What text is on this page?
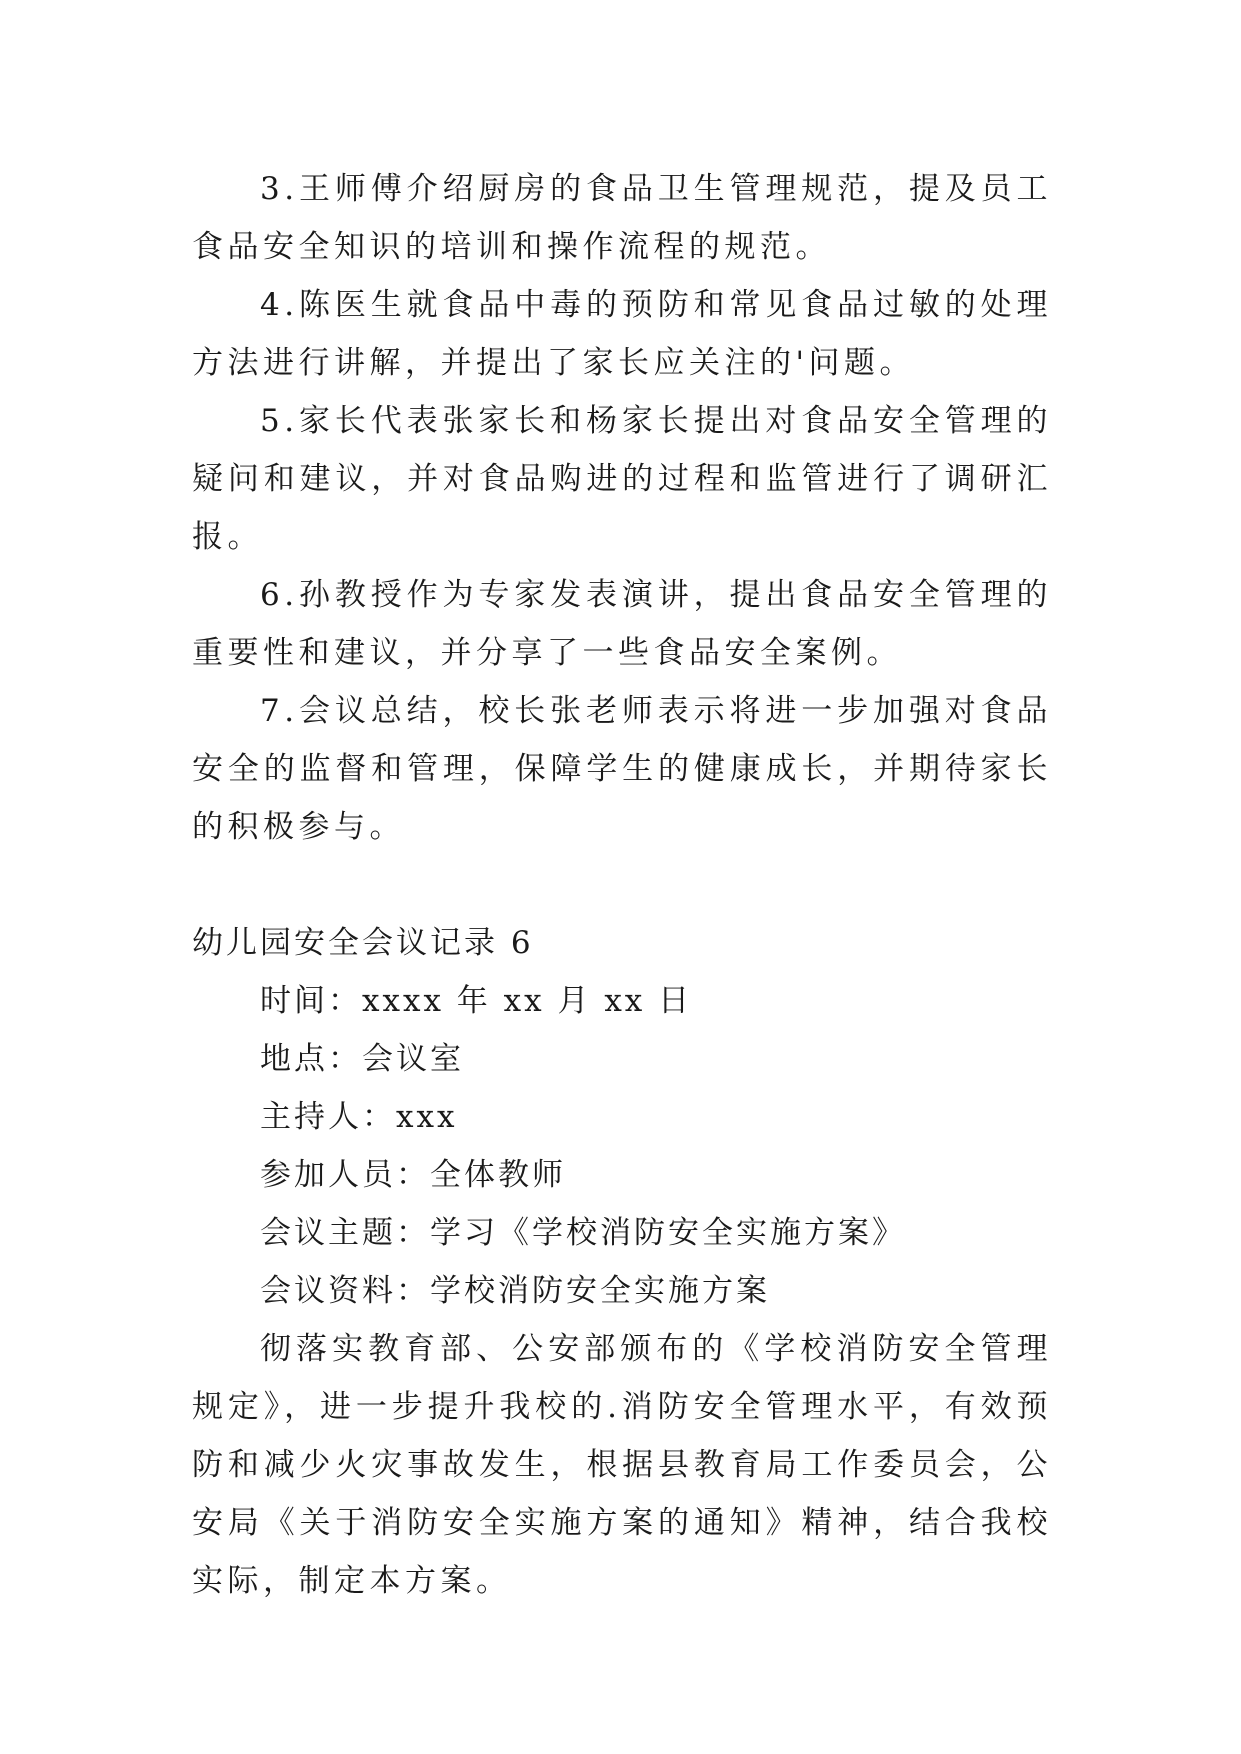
3.王师傅介绍厨房的食品卫生管理规范，提及员工食品安全知识的培训和操作流程的规范。

4.陈医生就食品中毒的预防和常见食品过敏的处理方法进行讲解，并提出了家长应关注的'问题。

5.家长代表张家长和杨家长提出对食品安全管理的疑问和建议，并对食品购进的过程和监管进行了调研汇报。

6.孙教授作为专家发表演讲，提出食品安全管理的重要性和建议，并分享了一些食品安全案例。

7.会议总结，校长张老师表示将进一步加强对食品安全的监督和管理，保障学生的健康成长，并期待家长的积极参与。

幼儿园安全会议记录 6

时间：xxxx 年 xx 月 xx 日

地点：会议室

主持人：xxx

参加人员：全体教师

会议主题：学习《学校消防安全实施方案》

会议资料：学校消防安全实施方案

彻落实教育部、公安部颁布的《学校消防安全管理规定》，进一步提升我校的.消防安全管理水平，有效预防和减少火灾事故发生，根据县教育局工作委员会，公安局《关于消防安全实施方案的通知》精神，结合我校实际，制定本方案。
